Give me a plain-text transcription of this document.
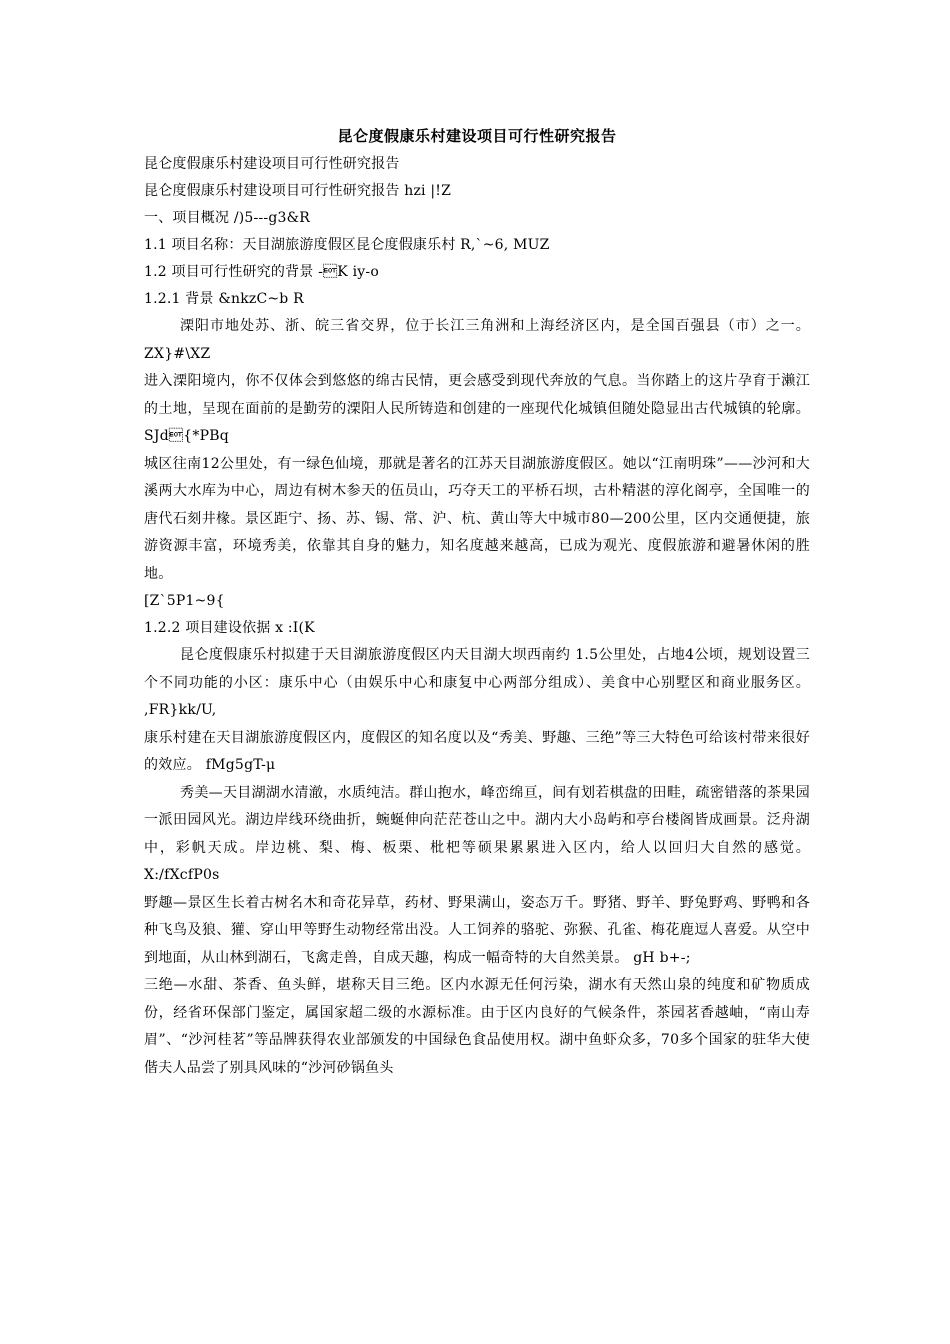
昆仑度假康乐村建设项目可行性研究报告
昆仑度假康乐村建设项目可行性研究报告
昆仑度假康乐村建设项目可行性研究报告 hzi |!Z
一、项目概况 /)5---g3&R
1.1 项目名称：天目湖旅游度假区昆仑度假康乐村 R,`~6, MUZ
1.2 项目可行性研究的背景 -K iy-o
1.2.1 背景 &nkzC~b R

溧阳市地处苏、浙、皖三省交界，位于长江三角洲和上海经济区内，是全国百强县（市）之一。 ZX}#\XZ

进入溧阳境内，你不仅体会到悠悠的绵古民情，更会感受到现代奔放的气息。当你踏上的这片孕育于濑江的土地，呈现在面前的是勤劳的溧阳人民所铸造和创建的一座现代化城镇但随处隐显出古代城镇的轮廓。 SJd{*PBq

城区往南12公里处，有一绿色仙境，那就是著名的江苏天目湖旅游度假区。她以“江南明珠”——沙河和大溪两大水库为中心，周边有树木参天的伍员山，巧夺天工的平桥石坝，古朴精湛的淳化阁亭，全国唯一的唐代石刻井椽。景区距宁、扬、苏、锡、常、沪、杭、黄山等大中城市80—200公里，区内交通便捷，旅游资源丰富，环境秀美，依靠其自身的魅力，知名度越来越高，已成为观光、度假旅游和避暑休闲的胜地。

[Z`5P1~9{
1.2.2 项目建设依据 x :I(K

昆仑度假康乐村拟建于天目湖旅游度假区内天目湖大坝西南约 1.5公里处，占地4公顷，规划设置三个不同功能的小区：康乐中心（由娱乐中心和康复中心两部分组成）、美食中心别墅区和商业服务区。 ,FR}kk/U,

康乐村建在天目湖旅游度假区内，度假区的知名度以及“秀美、野趣、三绝”等三大特色可给该村带来很好的效应。 fMg5gT-μ

秀美—天目湖湖水清澈，水质纯洁。群山抱水，峰峦绵亘，间有划若棋盘的田畦，疏密错落的茶果园一派田园风光。湖边岸线环绕曲折，蜿蜒伸向茫茫苍山之中。湖内大小岛屿和亭台楼阁皆成画景。泛舟湖中，彩帆天成。岸边桃、梨、梅、板栗、枇杷等硕果累累进入区内，给人以回归大自然的感觉。 X:/fXcfP0s

野趣—景区生长着古树名木和奇花异草，药材、野果满山，姿态万千。野猪、野羊、野兔野鸡、野鸭和各种飞鸟及狼、獾、穿山甲等野生动物经常出没。人工饲养的骆驼、弥猴、孔雀、梅花鹿逗人喜爱。从空中到地面，从山林到湖石，飞禽走兽，自成天趣，构成一幅奇特的大自然美景。 gH b+-;

三绝—水甜、茶香、鱼头鲜，堪称天目三绝。区内水源无任何污染，湖水有天然山泉的纯度和矿物质成份，经省环保部门鉴定，属国家超二级的水源标准。由于区内良好的气候条件，茶园茗香越岫，“南山寿眉”、“沙河桂茗”等品牌获得农业部颁发的中国绿色食品使用权。湖中鱼虾众多，70多个国家的驻华大使偕夫人品尝了别具风味的“沙河砂锅鱼头
